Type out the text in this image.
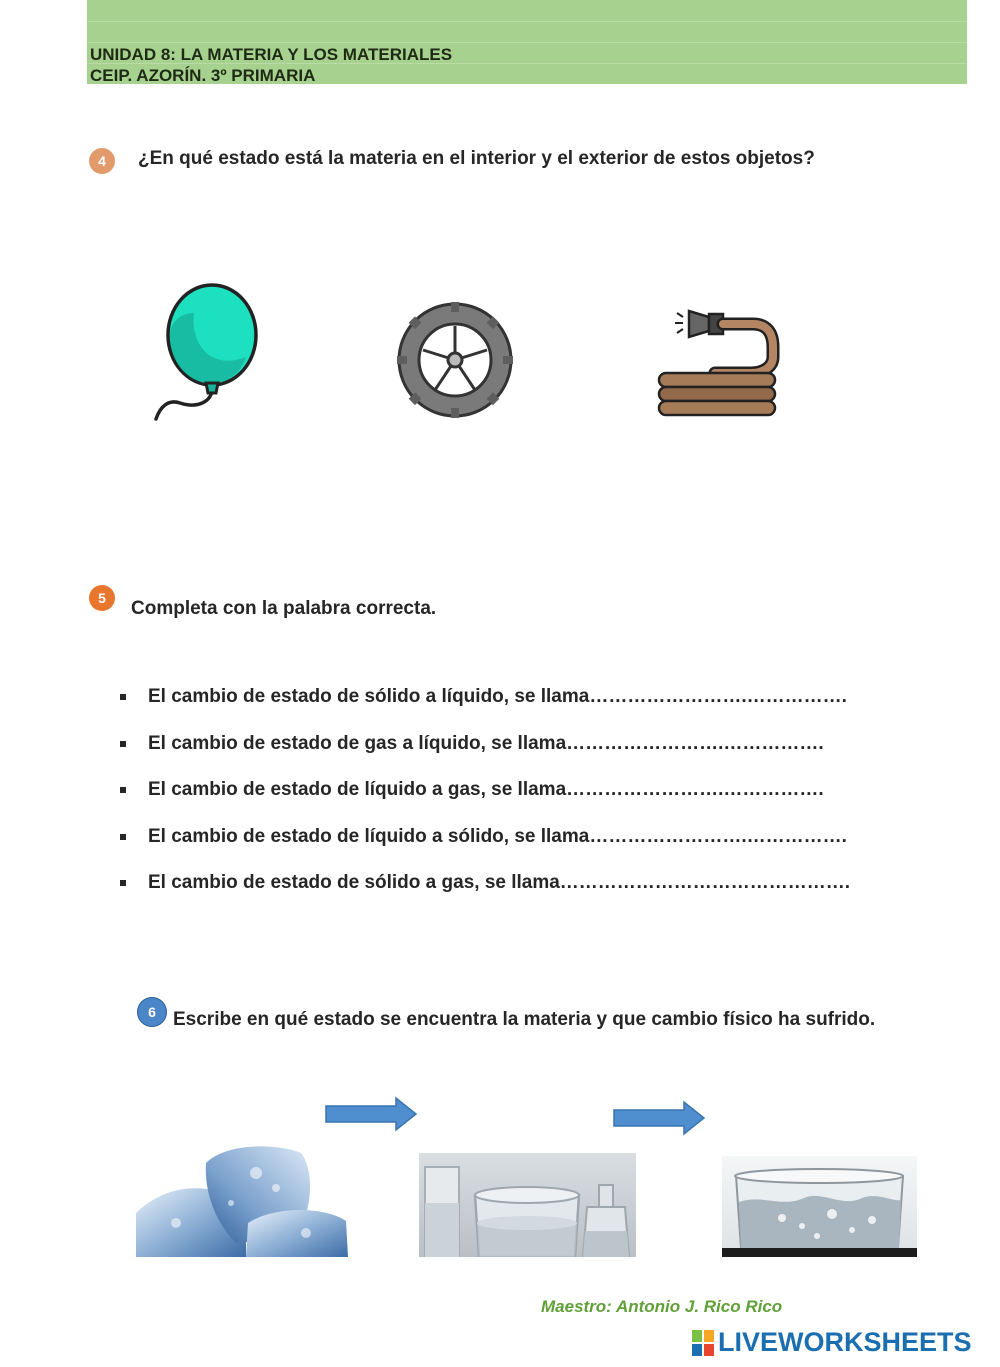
UNIDAD 8: LA MATERIA Y LOS MATERIALES
CEIP. AZORÍN. 3º PRIMARIA
4 ¿En qué estado está la materia en el interior y el exterior de estos objetos?
5 Completa con la palabra correcta.
El cambio de estado de sólido a líquido, se llama…………………….…………….
El cambio de estado de gas a líquido, se llama…………………….…………….
El cambio de estado de líquido a gas, se llama…………………….…………….
El cambio de estado de líquido a sólido, se llama…………………….…………….
El cambio de estado de sólido a gas, se llama……………………………………….
6 Escribe en qué estado se encuentra la materia y que cambio físico ha sufrido.
Maestro: Antonio J. Rico Rico
LIVEWORKSHEETS
